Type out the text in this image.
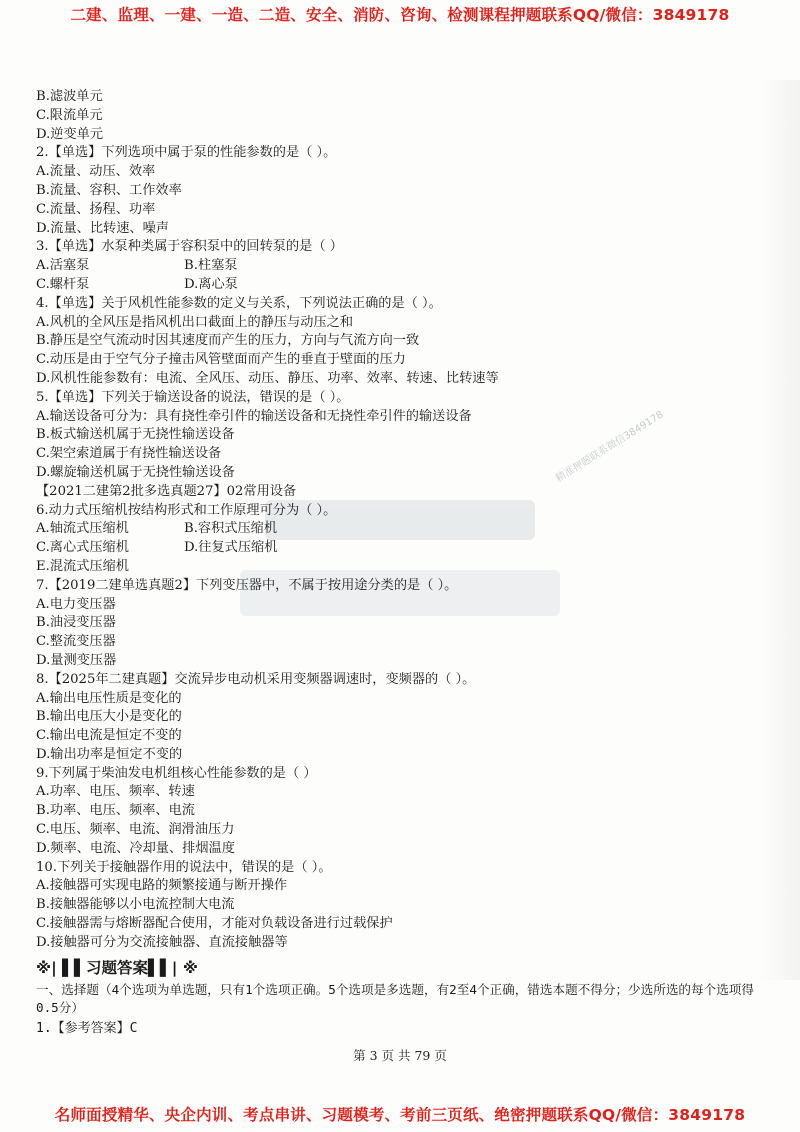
二建、监理、一建、一造、二造、安全、消防、咨询、检测课程押题联系QQ/微信：3849178
精准押题联系微信3849178
B.滤波单元
C.限流单元
D.逆变单元
2.【单选】下列选项中属于泵的性能参数的是（ ）。
A.流量、动压、效率
B.流量、容积、工作效率
C.流量、扬程、功率
D.流量、比转速、噪声
3.【单选】水泵种类属于容积泵中的回转泵的是（ ）
A.活塞泵	B.柱塞泵
C.螺杆泵	D.离心泵
4.【单选】关于风机性能参数的定义与关系，下列说法正确的是（ ）。
A.风机的全风压是指风机出口截面上的静压与动压之和
B.静压是空气流动时因其速度而产生的压力，方向与气流方向一致
C.动压是由于空气分子撞击风管壁面而产生的垂直于壁面的压力
D.风机性能参数有：电流、全风压、动压、静压、功率、效率、转速、比转速等
5.【单选】下列关于输送设备的说法，错误的是（ ）。
A.输送设备可分为：具有挠性牵引件的输送设备和无挠性牵引件的输送设备
B.板式输送机属于无挠性输送设备
C.架空索道属于有挠性输送设备
D.螺旋输送机属于无挠性输送设备
【2021二建第2批多选真题27】02常用设备
6.动力式压缩机按结构形式和工作原理可分为（ ）。
A.轴流式压缩机	B.容积式压缩机
C.离心式压缩机	D.往复式压缩机
E.混流式压缩机
7.【2019二建单选真题2】下列变压器中，不属于按用途分类的是（ ）。
A.电力变压器
B.油浸变压器
C.整流变压器
D.量测变压器
8.【2025年二建真题】交流异步电动机采用变频器调速时，变频器的（ ）。
A.输出电压性质是变化的
B.输出电压大小是变化的
C.输出电流是恒定不变的
D.输出功率是恒定不变的
9.下列属于柴油发电机组核心性能参数的是（ ）
A.功率、电压、频率、转速
B.功率、电压、频率、电流
C.电压、频率、电流、润滑油压力
D.频率、电流、冷却量、排烟温度
10.下列关于接触器作用的说法中，错误的是（ ）。
A.接触器可实现电路的频繁接通与断开操作
B.接触器能够以小电流控制大电流
C.接触器需与熔断器配合使用，才能对负载设备进行过载保护
D.接触器可分为交流接触器、直流接触器等
※| ▌▌习题答案▌▌| ※
一、选择题（4个选项为单选题，只有1个选项正确。5个选项是多选题，有2至4个正确，错选本题不得分；少选所选的每个选项得0.5分）
1.【参考答案】C
第 3 页 共 79 页
名师面授精华、央企内训、考点串讲、习题模考、考前三页纸、绝密押题联系QQ/微信：3849178
